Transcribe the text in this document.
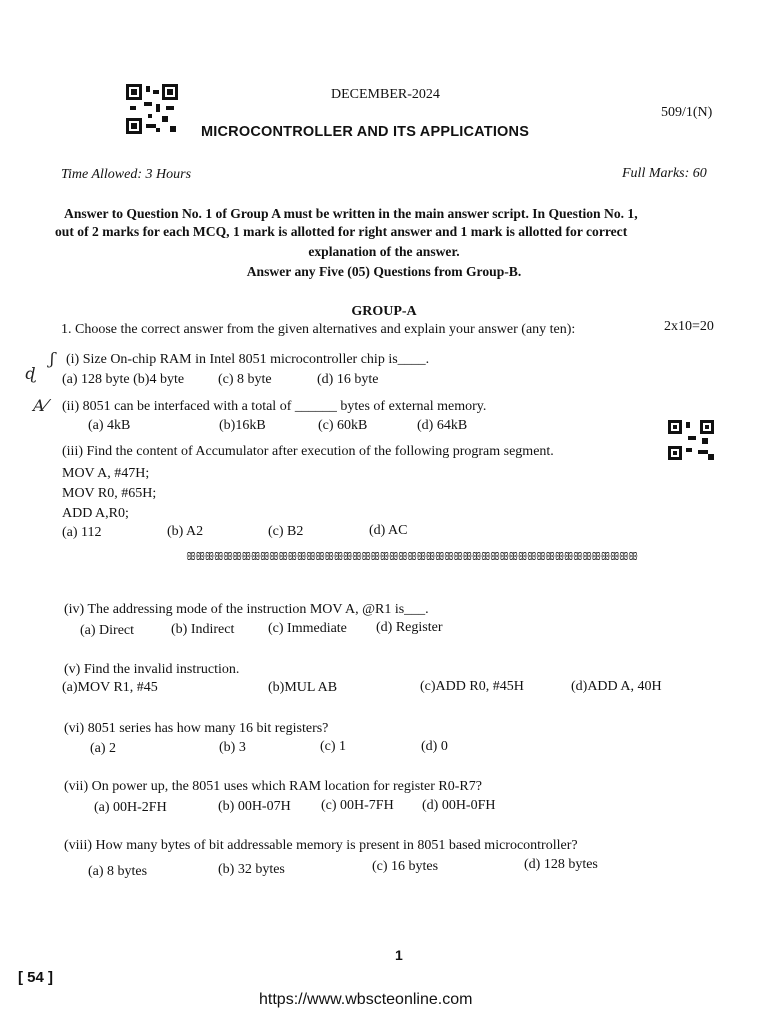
DECEMBER-2024
509/1(N)
MICROCONTROLLER AND ITS APPLICATIONS
Time Allowed: 3 Hours	Full Marks: 60
Answer to Question No. 1 of Group A must be written in the main answer script. In Question No. 1,
out of 2 marks for each MCQ, 1 mark is allotted for right answer and 1 mark is allotted for correct
explanation of the answer.
Answer any Five (05) Questions from Group-B.
GROUP-A
1. Choose the correct answer from the given alternatives and explain your answer (any ten):	2x10=20
ɖ
ʃ
A⁄
(i) Size On-chip RAM in Intel 8051 microcontroller chip is____.
(a) 128 byte (b)4 byte (c) 8 byte	(d) 16 byte
(ii) 8051 can be interfaced with a total of ______ bytes of external memory.
(a) 4kB	(b)16kB	(c) 60kB	(d) 64kB
(iii) Find the content of Accumulator after execution of the following program segment.
MOV A, #47H;
MOV R0, #65H;
ADD A,R0;
(a) 112	(b) A2	(c) B2	(d) AC
ꕥꕥꕥꕥꕥꕥꕥꕥꕥꕥꕥꕥꕥꕥꕥꕥꕥꕥꕥꕥꕥꕥꕥꕥꕥꕥꕥꕥꕥꕥꕥꕥꕥꕥꕥꕥꕥꕥꕥꕥꕥꕥꕥꕥꕥꕥꕥꕥꕥ
(iv) The addressing mode of the instruction MOV A, @R1 is___.
(a) Direct	(b) Indirect (c) Immediate (d) Register
(v) Find the invalid instruction.
(a)MOV R1, #45	(b)MUL AB	(c)ADD R0, #45H	(d)ADD A, 40H
(vi) 8051 series has how many 16 bit registers?
(a) 2	(b) 3	(c) 1	(d) 0
(vii) On power up, the 8051 uses which RAM location for register R0-R7?
(a) 00H-2FH	(b) 00H-07H (c) 00H-7FH (d) 00H-0FH
(viii) How many bytes of bit addressable memory is present in 8051 based microcontroller?
(a) 8 bytes	(b) 32 bytes	(c) 16 bytes	(d) 128 bytes
1
[ 54 ]
https://www.wbscteonline.com
